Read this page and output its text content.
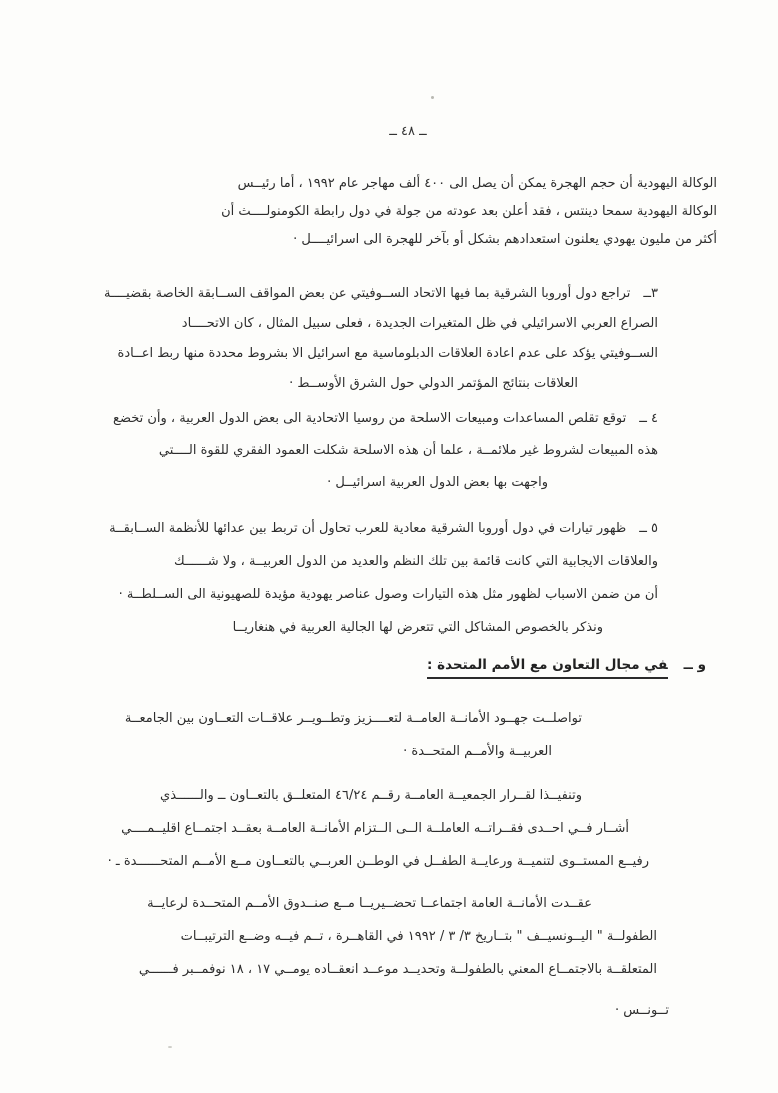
ــ ٤٨ ــ
الوكالة اليهودية أن حجم الهجرة يمكن أن يصل الى ٤٠٠ ألف مهاجر عام ١٩٩٢ ، أما رئيــس
الوكالة اليهودية سمحا دينتس ، فقد أعلن بعد عودته من جولة في دول رابطة الكومنولــــث أن
أكثر من مليون يهودي يعلنون استعدادهم بشكل أو بآخر للهجرة الى اسرائيــــل ·
٣ــتراجع دول أوروبا الشرقية بما فيها الاتحاد الســوفيتي عن بعض المواقف الســابقة الخاصة بقضيــــة
الصراع العربي الاسرائيلي في ظل المتغيرات الجديدة ، فعلى سبيل المثال ، كان الاتحــــاد
الســوفيتي يؤكد على عدم اعادة العلاقات الدبلوماسية مع اسرائيل الا بشروط محددة منها ربط اعــادة
العلاقات بنتائج المؤتمر الدولي حول الشرق الأوســط ·
٤ ــتوقع تقلص المساعدات ومبيعات الاسلحة من روسيا الاتحادية الى بعض الدول العربية ، وأن تخضع
هذه المبيعات لشروط غير ملائمــة ، علما أن هذه الاسلحة شكلت العمود الفقري للقوة الــــتي
واجهت بها بعض الدول العربية اسرائيــل ·
٥ ــظهور تيارات في دول أوروبا الشرقية معادية للعرب تحاول أن تربط بين عدائها للأنظمة الســابقــة
والعلاقات الايجابية التي كانت قائمة بين تلك النظم والعديد من الدول العربيــة ، ولا شــــــك
أن من ضمن الاسباب لظهور مثل هذه التيارات وصول عناصر يهودية مؤيدة للصهيونية الى الســلطــة ·
ونذكر بالخصوص المشاكل التي تتعرض لها الجالية العربية في هنغاريــا
و ــفي مجال التعاون مع الأمم المتحدة :
تواصلــت جهــود الأمانــة العامــة لتعــــزيز وتطــويــر علاقــات التعــاون بين الجامعــة
العربيــة والأمــم المتحــدة ·
وتنفيــذا لقــرار الجمعيــة العامــة رقــم ٤٦/٢٤ المتعلــق بالتعــاون ــ والــــــذي
أشــار فــي احــدى فقــراتــه العاملــة الــى الــتزام الأمانــة العامــة بعقــد اجتمــاع اقليــمــــي
رفيــع المستــوى لتنميــة ورعايــة الطفــل في الوطــن العربــي بالتعــاون مــع الأمــم المتحــــــدة ـ ·
عقــدت الأمانــة العامة اجتماعــا تحضــيريــا مــع صنــدوق الأمــم المتحــدة لرعايــة
الطفولــة " اليــونسيــف " بتــاريخ ٣/ ٣ / ١٩٩٢ في القاهــرة ، تــم فيــه وضــع الترتيبــات
المتعلقــة بالاجتمــاع المعني بالطفولــة وتحديــد موعــد انعقــاده يومــي ١٧ ، ١٨ نوفمــبر فــــــي
تــونــس ·
